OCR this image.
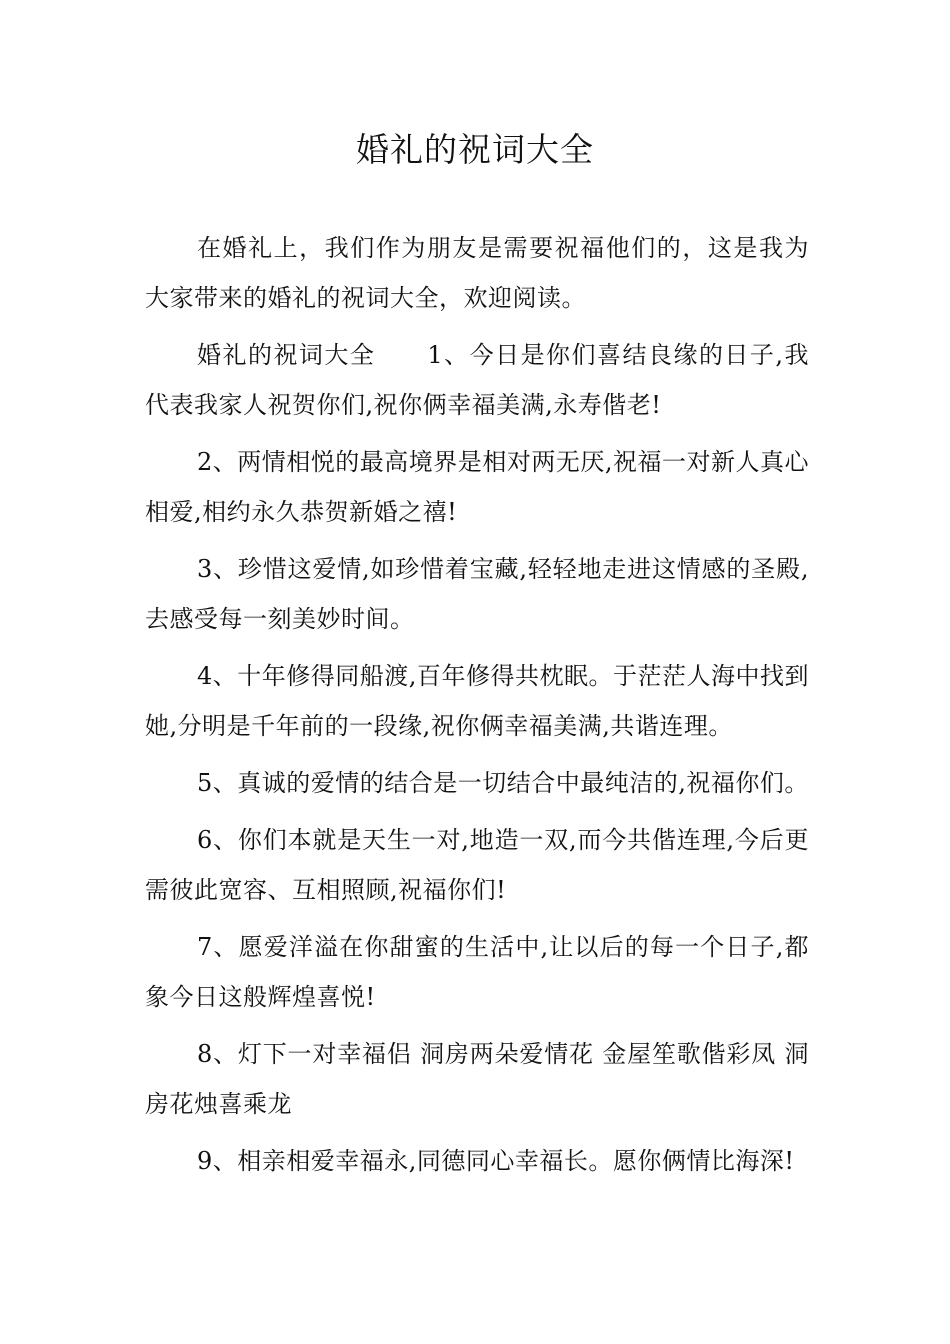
婚礼的祝词大全

在婚礼上，我们作为朋友是需要祝福他们的，这是我为大家带来的婚礼的祝词大全，欢迎阅读。

婚礼的祝词大全 1、今日是你们喜结良缘的日子,我代表我家人祝贺你们,祝你俩幸福美满,永寿偕老!

2、两情相悦的最高境界是相对两无厌,祝福一对新人真心相爱,相约永久恭贺新婚之禧!

3、珍惜这爱情,如珍惜着宝藏,轻轻地走进这情感的圣殿,去感受每一刻美妙时间。

4、十年修得同船渡,百年修得共枕眠。于茫茫人海中找到她,分明是千年前的一段缘,祝你俩幸福美满,共谐连理。

5、真诚的爱情的结合是一切结合中最纯洁的,祝福你们。

6、你们本就是天生一对,地造一双,而今共偕连理,今后更需彼此宽容、互相照顾,祝福你们!

7、愿爱洋溢在你甜蜜的生活中,让以后的每一个日子,都象今日这般辉煌喜悦!

8、灯下一对幸福侣 洞房两朵爱情花 金屋笙歌偕彩凤 洞房花烛喜乘龙

9、相亲相爱幸福永,同德同心幸福长。愿你俩情比海深!
